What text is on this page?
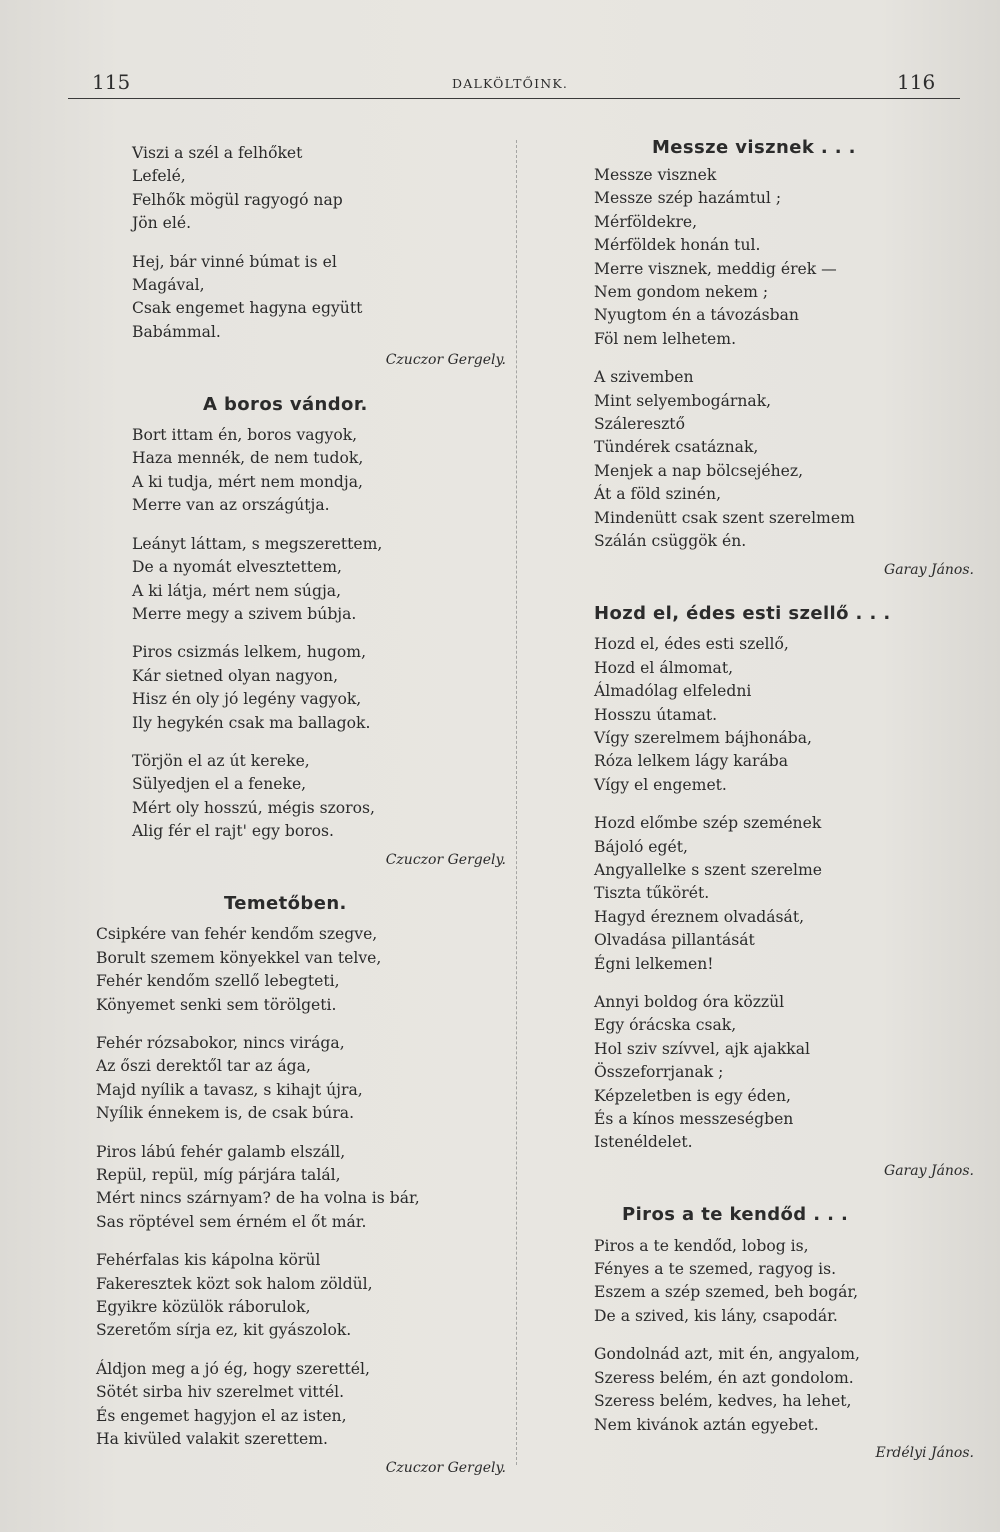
115	DALKÖLTŐINK.	116
Viszi a szél a felhőket
Lefelé,
Felhők mögül ragyogó nap
Jön elé.
Hej, bár vinné búmat is el
Magával,
Csak engemet hagyna együtt
Babámmal.
Czuczor Gergely.
A boros vándor.
Bort ittam én, boros vagyok,
Haza mennék, de nem tudok,
A ki tudja, mért nem mondja,
Merre van az országútja.
Leányt láttam, s megszerettem,
De a nyomát elvesztettem,
A ki látja, mért nem súgja,
Merre megy a szivem búbja.
Piros csizmás lelkem, hugom,
Kár sietned olyan nagyon,
Hisz én oly jó legény vagyok,
Ily hegykén csak ma ballagok.
Törjön el az út kereke,
Sülyedjen el a feneke,
Mért oly hosszú, mégis szoros,
Alig fér el rajt' egy boros.
Czuczor Gergely.
Temetőben.
Csipkére van fehér kendőm szegve,
Borult szemem könyekkel van telve,
Fehér kendőm szellő lebegteti,
Könyemet senki sem törölgeti.
Fehér rózsabokor, nincs virága,
Az őszi derektől tar az ága,
Majd nyílik a tavasz, s kihajt újra,
Nyílik énnekem is, de csak búra.
Piros lábú fehér galamb elszáll,
Repül, repül, míg párjára talál,
Mért nincs szárnyam? de ha volna is bár,
Sas röptével sem érném el őt már.
Fehérfalas kis kápolna körül
Fakeresztek közt sok halom zöldül,
Egyikre közülök ráborulok,
Szeretőm sírja ez, kit gyászolok.
Áldjon meg a jó ég, hogy szerettél,
Sötét sirba hiv szerelmet vittél.
És engemet hagyjon el az isten,
Ha kivüled valakit szerettem.
Czuczor Gergely.
Messze visznek . . .
Messze visznek
Messze szép hazámtul ;
Mérföldekre,
Mérföldek honán tul.
Merre visznek, meddig érek —
Nem gondom nekem ;
Nyugtom én a távozásban
Föl nem lelhetem.
A szivemben
Mint selyembogárnak,
Száleresztő
Tündérek csatáznak,
Menjek a nap bölcsejéhez,
Át a föld szinén,
Mindenütt csak szent szerelmem
Szálán csüggök én.
Garay János.
Hozd el, édes esti szellő . . .
Hozd el, édes esti szellő,
Hozd el álmomat,
Álmadólag elfeledni
Hosszu útamat.
Vígy szerelmem bájhonába,
Róza lelkem lágy karába
Vígy el engemet.
Hozd előmbe szép szemének
Bájoló egét,
Angyallelke s szent szerelme
Tiszta tűkörét.
Hagyd éreznem olvadását,
Olvadása pillantását
Égni lelkemen!
Annyi boldog óra közzül
Egy órácska csak,
Hol sziv szívvel, ajk ajakkal
Összeforrjanak ;
Képzeletben is egy éden,
És a kínos messzeségben
Istenéldelet.
Garay János.
Piros a te kendőd . . .
Piros a te kendőd, lobog is,
Fényes a te szemed, ragyog is.
Eszem a szép szemed, beh bogár,
De a szived, kis lány, csapodár.
Gondolnád azt, mit én, angyalom,
Szeress belém, én azt gondolom.
Szeress belém, kedves, ha lehet,
Nem kivánok aztán egyebet.
Erdélyi János.
